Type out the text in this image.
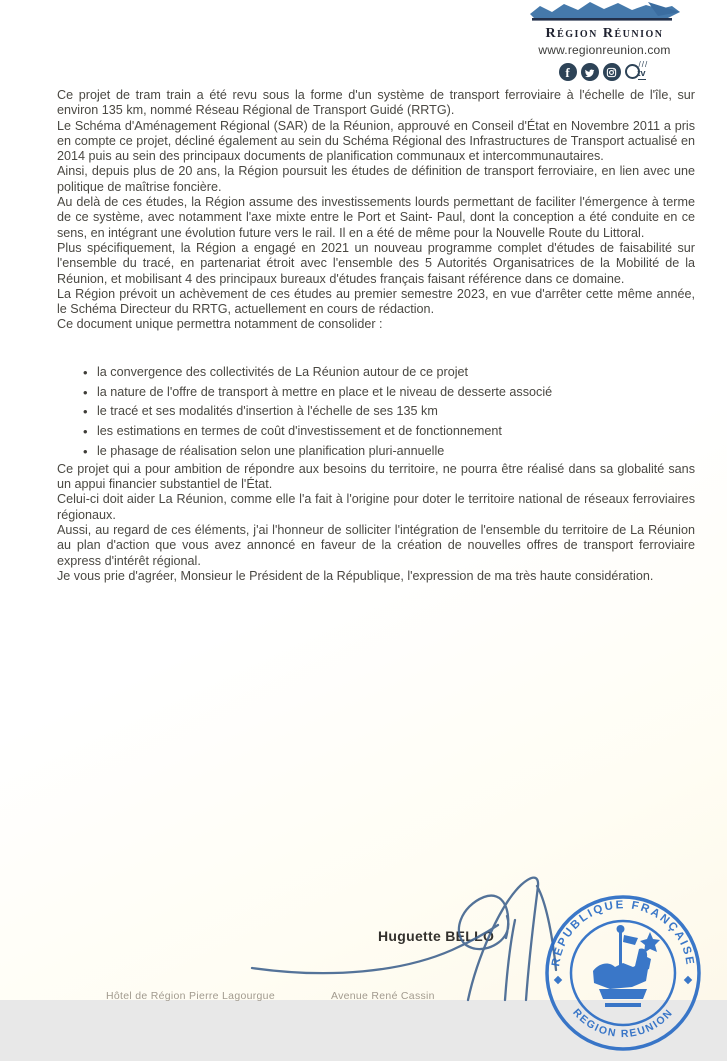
Région Réunion
www.regionreunion.com
f	///
tv

Ce projet de tram train a été revu sous la forme d'un système de transport ferroviaire à l'échelle de l'île, sur environ 135 km, nommé Réseau Régional de Transport Guidé (RRTG).

Le Schéma d'Aménagement Régional (SAR) de la Réunion, approuvé en Conseil d'État en Novembre 2011 a pris en compte ce projet, décliné également au sein du Schéma Régional des Infrastructures de Transport actualisé en 2014 puis au sein des principaux documents de planification communaux et intercommunautaires.

Ainsi, depuis plus de 20 ans, la Région poursuit les études de définition de transport ferroviaire, en lien avec une politique de maîtrise foncière.

Au delà de ces études, la Région assume des investissements lourds permettant de faciliter l'émergence à terme de ce système, avec notamment l'axe mixte entre le Port et Saint- Paul, dont la conception a été conduite en ce sens, en intégrant une évolution future vers le rail. Il en a été de même pour la Nouvelle Route du Littoral.

Plus spécifiquement, la Région a engagé en 2021 un nouveau programme complet d'études de faisabilité sur l'ensemble du tracé, en partenariat étroit avec l'ensemble des 5 Autorités Organisatrices de la Mobilité de la Réunion, et mobilisant 4 des principaux bureaux d'études français faisant référence dans ce domaine.

La Région prévoit un achèvement de ces études au premier semestre 2023, en vue d'arrêter cette même année, le Schéma Directeur du RRTG, actuellement en cours de rédaction.

Ce document unique permettra notamment de consolider :

• la convergence des collectivités de La Réunion autour de ce projet
• la nature de l'offre de transport à mettre en place et le niveau de desserte associé
• le tracé et ses modalités d'insertion à l'échelle de ses 135 km
• les estimations en termes de coût d'investissement et de fonctionnement
• le phasage de réalisation selon une planification pluri-annuelle

Ce projet qui a pour ambition de répondre aux besoins du territoire, ne pourra être réalisé dans sa globalité sans un appui financier substantiel de l'État.

Celui-ci doit aider La Réunion, comme elle l'a fait à l'origine pour doter le territoire national de réseaux ferroviaires régionaux.

Aussi, au regard de ces éléments, j'ai l'honneur de solliciter l'intégration de l'ensemble du territoire de La Réunion au plan d'action que vous avez annoncé en faveur de la création de nouvelles offres de transport ferroviaire express d'intérêt régional.

Je vous prie d'agréer, Monsieur le Président de la République, l'expression de ma très haute considération.

Huguette BELLO
RÉPUBLIQUE FRANÇAISE
REGION REUNION
Hôtel de Région Pierre Lagourgue	Avenue René Cassin
